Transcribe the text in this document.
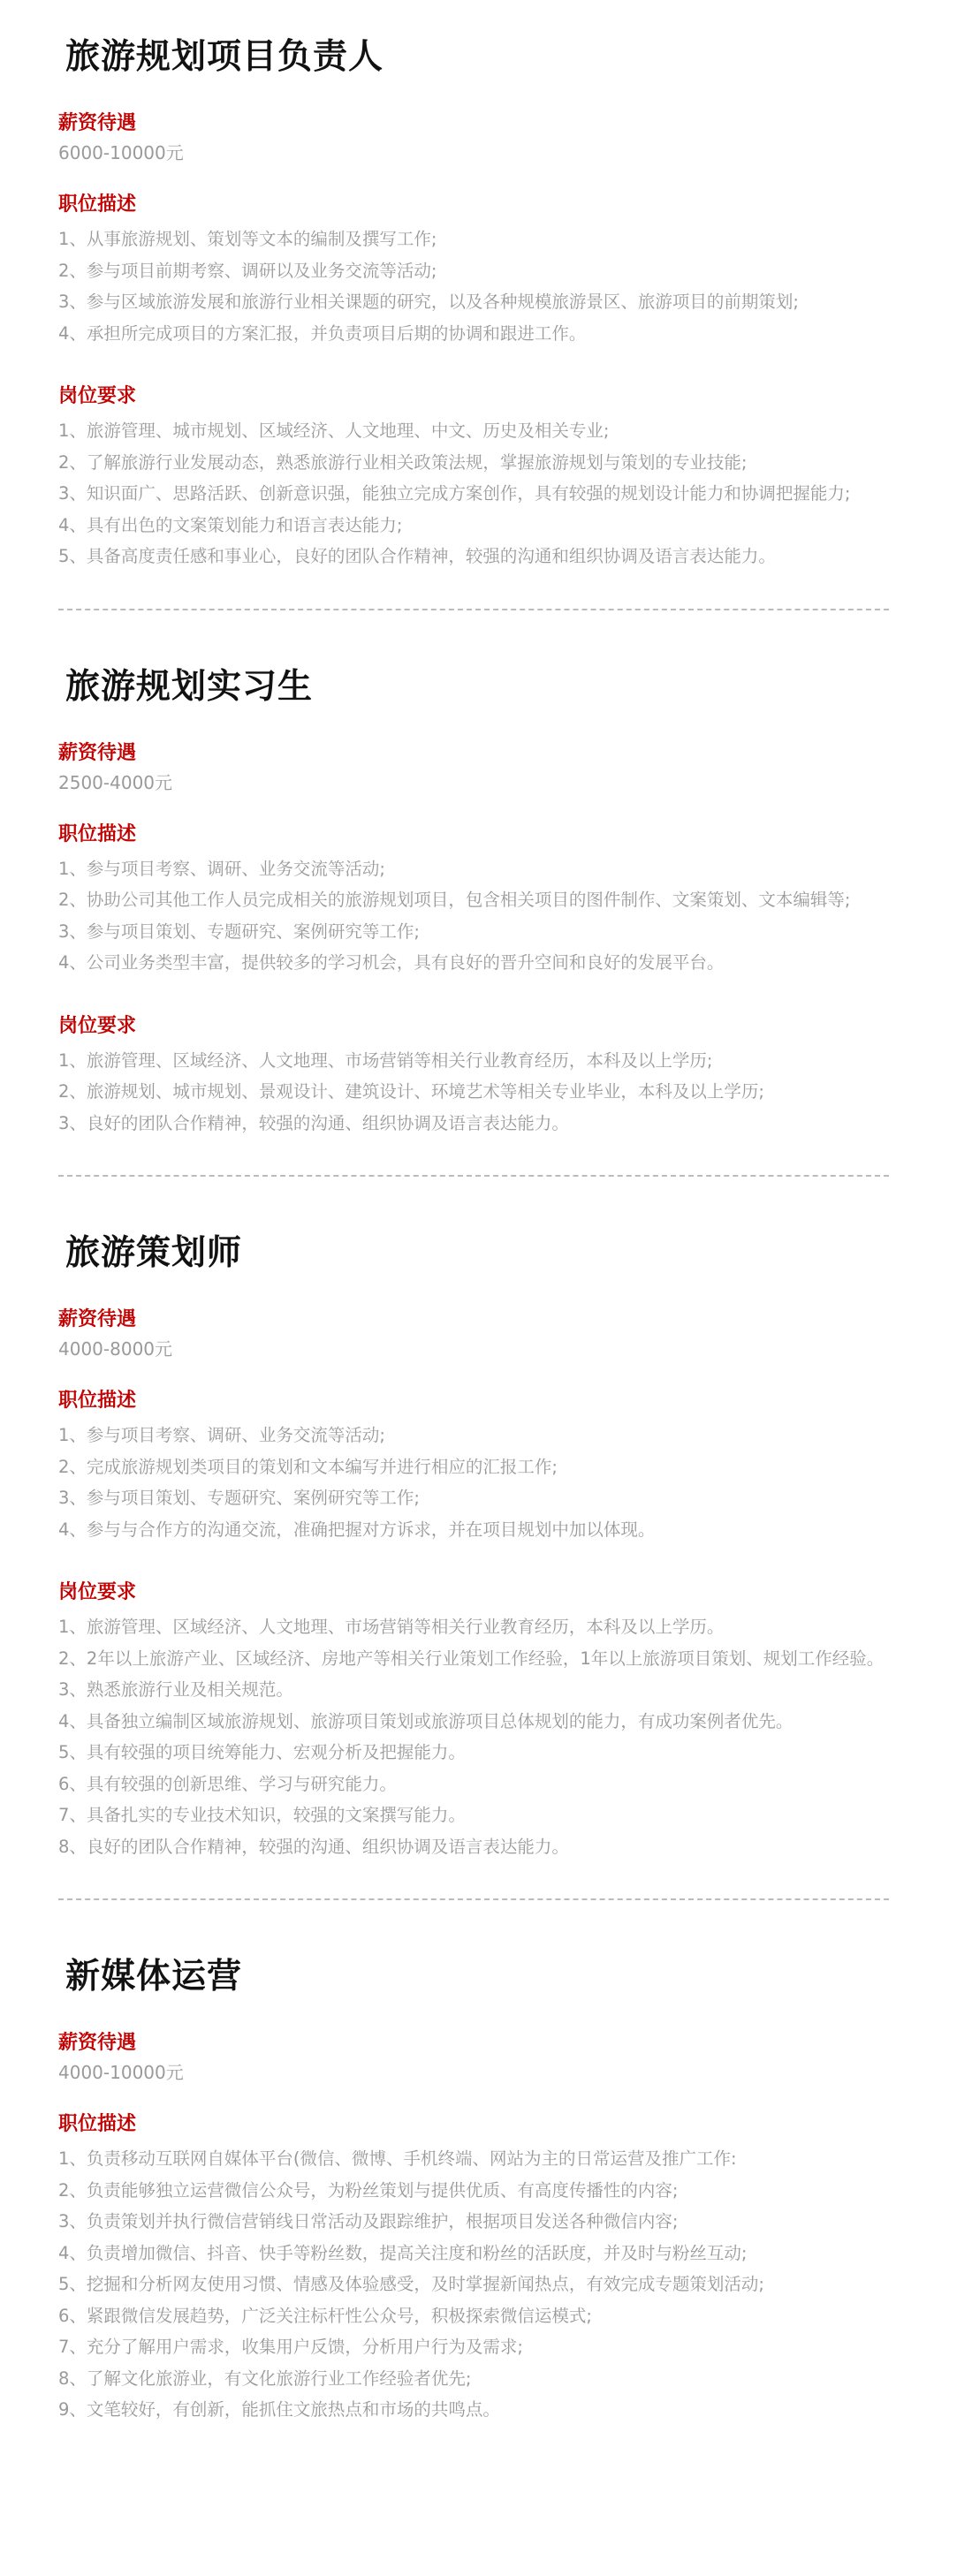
旅游规划项目负责人
薪资待遇

6000-10000元

职位描述
1、从事旅游规划、策划等文本的编制及撰写工作;
2、参与项目前期考察、调研以及业务交流等活动;
3、参与区域旅游发展和旅游行业相关课题的研究，以及各种规模旅游景区、旅游项目的前期策划;
4、承担所完成项目的方案汇报，并负责项目后期的协调和跟进工作。
岗位要求
1、旅游管理、城市规划、区域经济、人文地理、中文、历史及相关专业;
2、了解旅游行业发展动态，熟悉旅游行业相关政策法规，掌握旅游规划与策划的专业技能;
3、知识面广、思路活跃、创新意识强，能独立完成方案创作，具有较强的规划设计能力和协调把握能力;
4、具有出色的文案策划能力和语言表达能力;
5、具备高度责任感和事业心，良好的团队合作精神，较强的沟通和组织协调及语言表达能力。
旅游规划实习生
薪资待遇

2500-4000元

职位描述
1、参与项目考察、调研、业务交流等活动;
2、协助公司其他工作人员完成相关的旅游规划项目，包含相关项目的图件制作、文案策划、文本编辑等;
3、参与项目策划、专题研究、案例研究等工作;
4、公司业务类型丰富，提供较多的学习机会，具有良好的晋升空间和良好的发展平台。
岗位要求
1、旅游管理、区域经济、人文地理、市场营销等相关行业教育经历，本科及以上学历;
2、旅游规划、城市规划、景观设计、建筑设计、环境艺术等相关专业毕业，本科及以上学历;
3、良好的团队合作精神，较强的沟通、组织协调及语言表达能力。
旅游策划师
薪资待遇

4000-8000元

职位描述
1、参与项目考察、调研、业务交流等活动;
2、完成旅游规划类项目的策划和文本编写并进行相应的汇报工作;
3、参与项目策划、专题研究、案例研究等工作;
4、参与与合作方的沟通交流，准确把握对方诉求，并在项目规划中加以体现。
岗位要求
1、旅游管理、区域经济、人文地理、市场营销等相关行业教育经历，本科及以上学历。
2、2年以上旅游产业、区域经济、房地产等相关行业策划工作经验，1年以上旅游项目策划、规划工作经验。
3、熟悉旅游行业及相关规范。
4、具备独立编制区域旅游规划、旅游项目策划或旅游项目总体规划的能力，有成功案例者优先。
5、具有较强的项目统筹能力、宏观分析及把握能力。
6、具有较强的创新思维、学习与研究能力。
7、具备扎实的专业技术知识，较强的文案撰写能力。
8、良好的团队合作精神，较强的沟通、组织协调及语言表达能力。
新媒体运营
薪资待遇

4000-10000元

职位描述
1、负责移动互联网自媒体平台(微信、微博、手机终端、网站为主的日常运营及推广工作:
2、负责能够独立运营微信公众号，为粉丝策划与提供优质、有高度传播性的内容;
3、负责策划并执行微信营销线日常活动及跟踪维护，根据项目发送各种微信内容;
4、负责增加微信、抖音、快手等粉丝数，提高关注度和粉丝的活跃度，并及时与粉丝互动;
5、挖掘和分析网友使用习惯、情感及体验感受，及时掌握新闻热点，有效完成专题策划活动;
6、紧跟微信发展趋势，广泛关注标杆性公众号，积极探索微信运模式;
7、充分了解用户需求，收集用户反馈，分析用户行为及需求;
8、了解文化旅游业，有文化旅游行业工作经验者优先;
9、文笔较好，有创新，能抓住文旅热点和市场的共鸣点。
